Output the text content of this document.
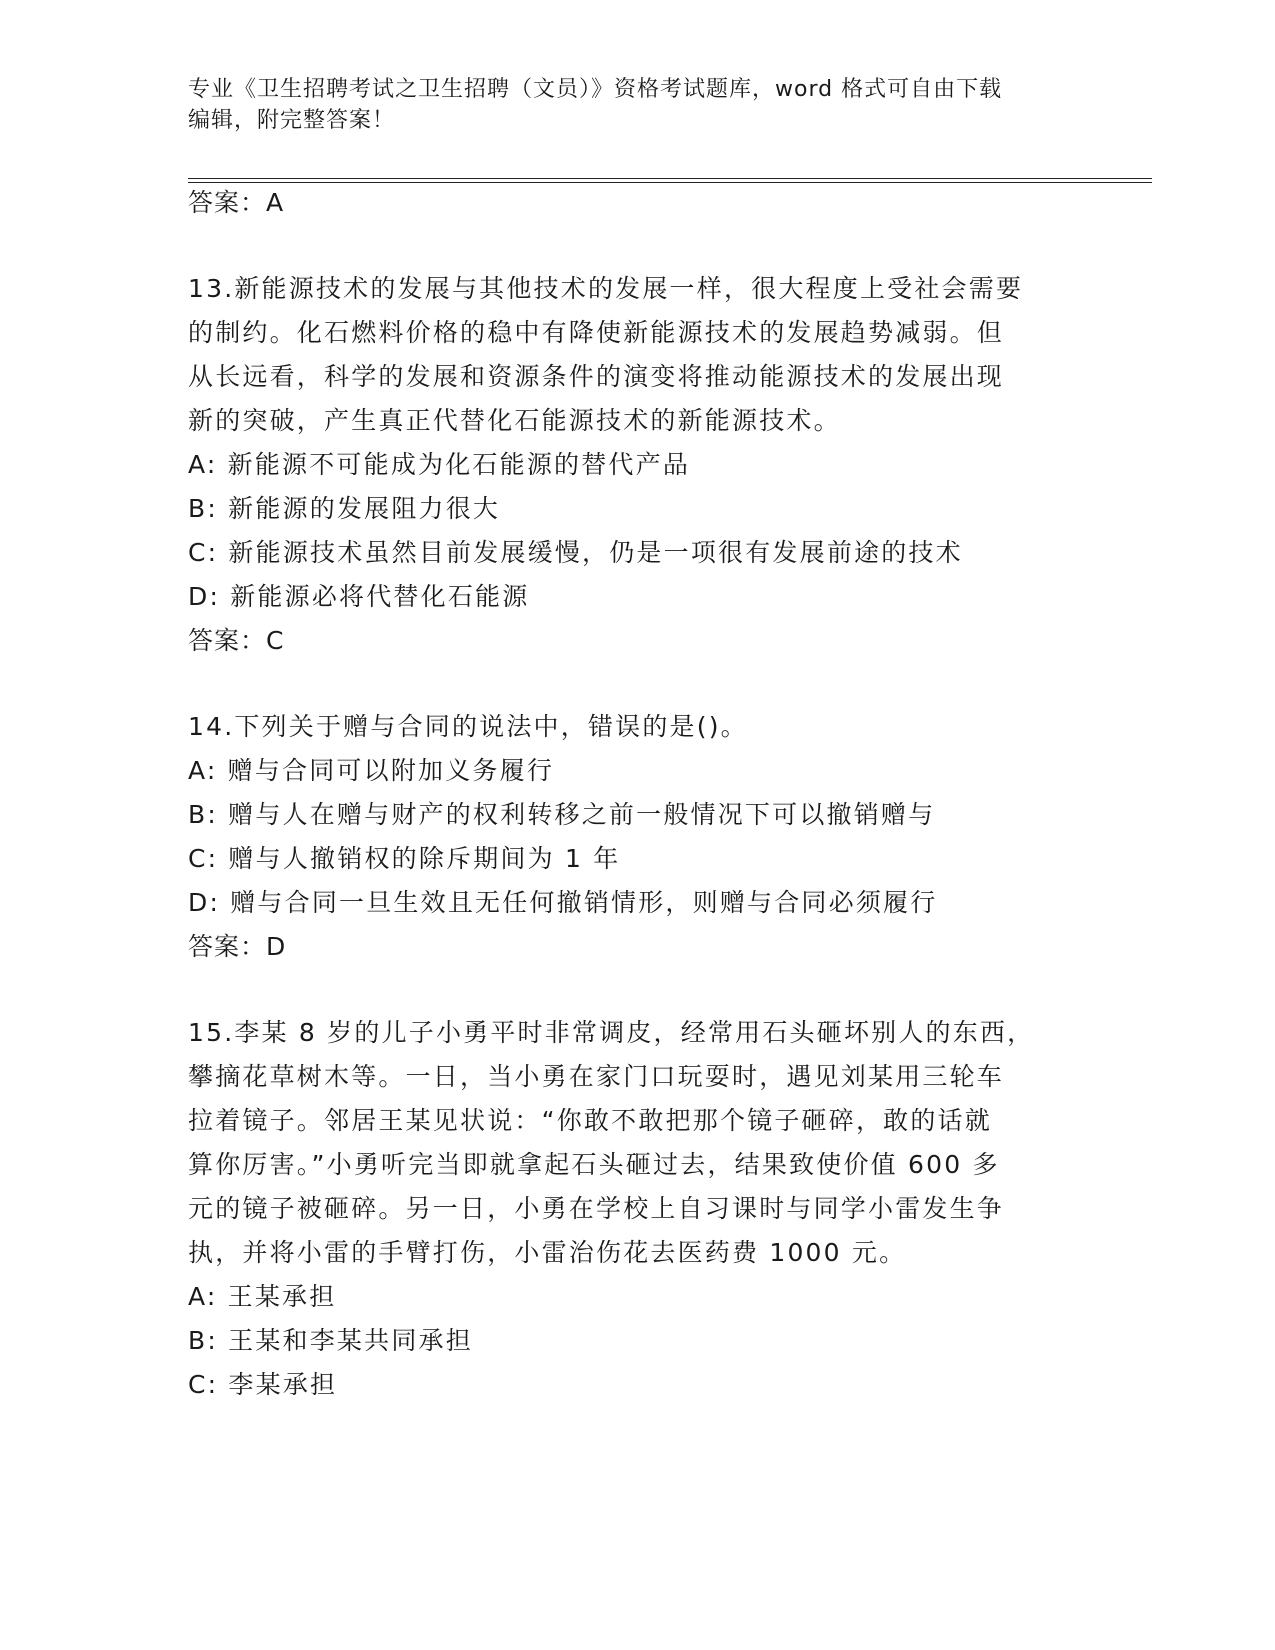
专业《卫生招聘考试之卫生招聘（文员）》资格考试题库，word 格式可自由下载
编辑，附完整答案！
答案：A
13.新能源技术的发展与其他技术的发展一样，很大程度上受社会需要
的制约。化石燃料价格的稳中有降使新能源技术的发展趋势减弱。但
从长远看，科学的发展和资源条件的演变将推动能源技术的发展出现
新的突破，产生真正代替化石能源技术的新能源技术。
A: 新能源不可能成为化石能源的替代产品
B: 新能源的发展阻力很大
C: 新能源技术虽然目前发展缓慢，仍是一项很有发展前途的技术
D: 新能源必将代替化石能源
答案：C
14.下列关于赠与合同的说法中，错误的是()。
A: 赠与合同可以附加义务履行
B: 赠与人在赠与财产的权利转移之前一般情况下可以撤销赠与
C: 赠与人撤销权的除斥期间为 1 年
D: 赠与合同一旦生效且无任何撤销情形，则赠与合同必须履行
答案：D
15.李某 8 岁的儿子小勇平时非常调皮，经常用石头砸坏别人的东西，
攀摘花草树木等。一日，当小勇在家门口玩耍时，遇见刘某用三轮车
拉着镜子。邻居王某见状说：“你敢不敢把那个镜子砸碎，敢的话就
算你厉害。”小勇听完当即就拿起石头砸过去，结果致使价值 600 多
元的镜子被砸碎。另一日，小勇在学校上自习课时与同学小雷发生争
执，并将小雷的手臂打伤，小雷治伤花去医药费 1000 元。
A: 王某承担
B: 王某和李某共同承担
C: 李某承担
